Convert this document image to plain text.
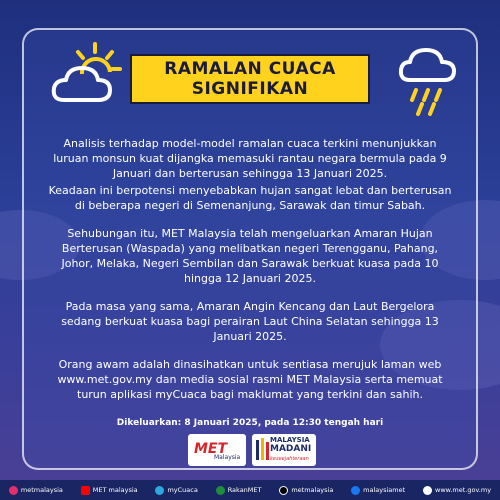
RAMALAN CUACA
SIGNIFIKAN

Analisis terhadap model-model ramalan cuaca terkini menunjukkan luruan monsun kuat dijangka memasuki rantau negara bermula pada 9 Januari dan berterusan sehingga 13 Januari 2025.

Keadaan ini berpotensi menyebabkan hujan sangat lebat dan berterusan di beberapa negeri di Semenanjung, Sarawak dan timur Sabah.

Sehubungan itu, MET Malaysia telah mengeluarkan Amaran Hujan Berterusan (Waspada) yang melibatkan negeri Terengganu, Pahang, Johor, Melaka, Negeri Sembilan dan Sarawak berkuat kuasa pada 10 hingga 12 Januari 2025.

Pada masa yang sama, Amaran Angin Kencang dan Laut Bergelora sedang berkuat kuasa bagi perairan Laut China Selatan sehingga 13 Januari 2025.

Orang awam adalah dinasihatkan untuk sentiasa merujuk laman web www.met.gov.my dan media sosial rasmi MET Malaysia serta memuat turun aplikasi myCuaca bagi maklumat yang terkini dan sahih.

Dikeluarkan: 8 Januari 2025, pada 12:30 tengah hari
MET
Malaysia
MALAYSIA
MADANI
keseejahteraan
metmalaysia	MET malaysia	myCuaca	RakanMET	metmalaysia	malaysiamet	www.met.gov.my
